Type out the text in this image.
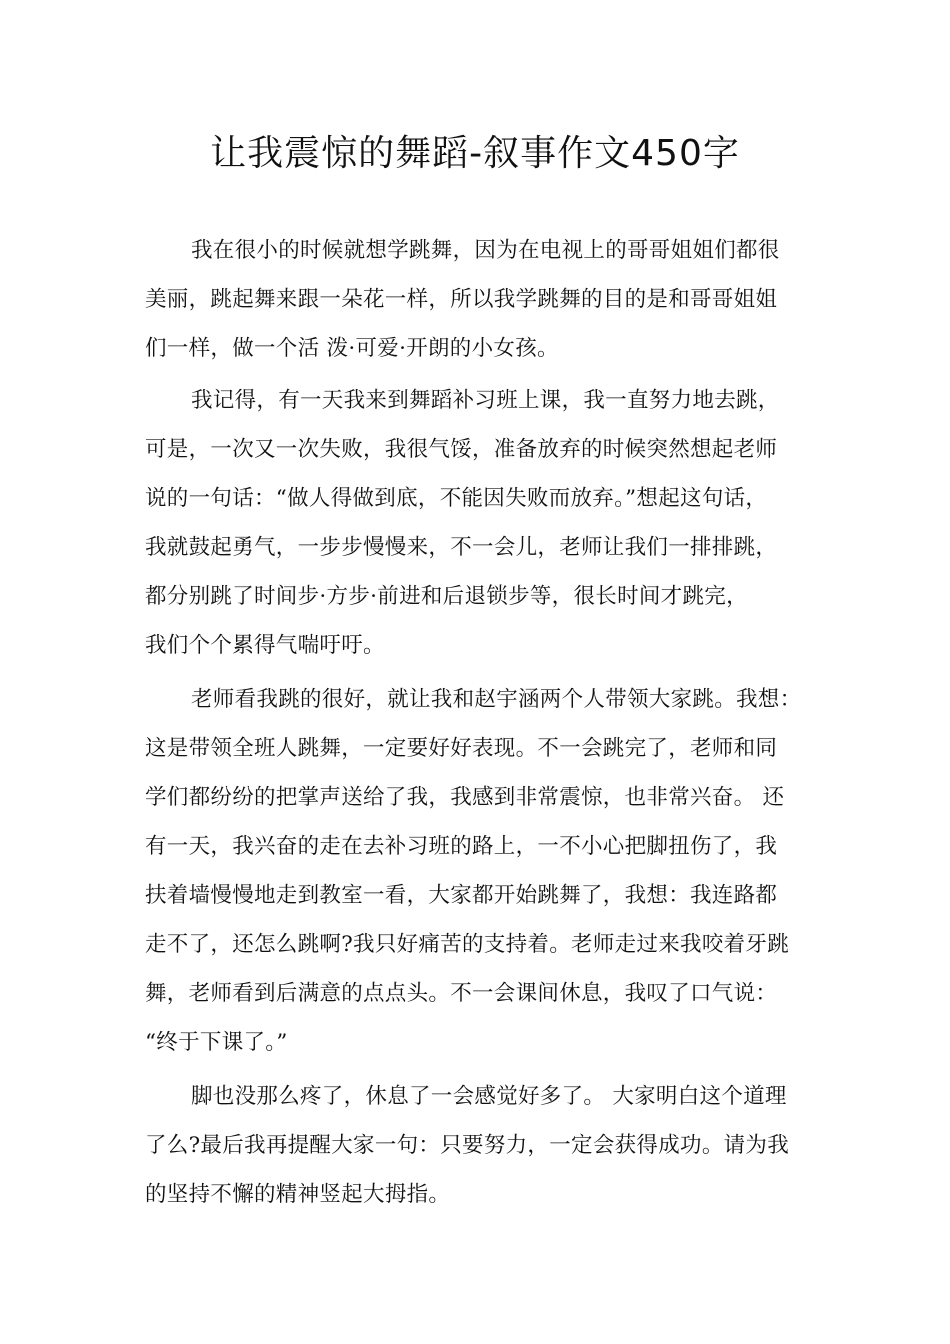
让我震惊的舞蹈-叙事作文450字
我在很小的时候就想学跳舞，因为在电视上的哥哥姐姐们都很
美丽，跳起舞来跟一朵花一样，所以我学跳舞的目的是和哥哥姐姐
们一样，做一个活 泼·可爱·开朗的小女孩。
我记得，有一天我来到舞蹈补习班上课，我一直努力地去跳，
可是，一次又一次失败，我很气馁，准备放弃的时候突然想起老师
说的一句话：“做人得做到底，不能因失败而放弃。”想起这句话，
我就鼓起勇气，一步步慢慢来，不一会儿，老师让我们一排排跳，
都分别跳了时间步·方步·前进和后退锁步等，很长时间才跳完，
我们个个累得气喘吁吁。
老师看我跳的很好，就让我和赵宇涵两个人带领大家跳。我想：
这是带领全班人跳舞，一定要好好表现。不一会跳完了，老师和同
学们都纷纷的把掌声送给了我，我感到非常震惊，也非常兴奋。 还
有一天，我兴奋的走在去补习班的路上，一不小心把脚扭伤了，我
扶着墙慢慢地走到教室一看，大家都开始跳舞了，我想：我连路都
走不了，还怎么跳啊?我只好痛苦的支持着。老师走过来我咬着牙跳
舞，老师看到后满意的点点头。不一会课间休息，我叹了口气说：
“终于下课了。”
脚也没那么疼了，休息了一会感觉好多了。 大家明白这个道理
了么?最后我再提醒大家一句：只要努力，一定会获得成功。请为我
的坚持不懈的精神竖起大拇指。
